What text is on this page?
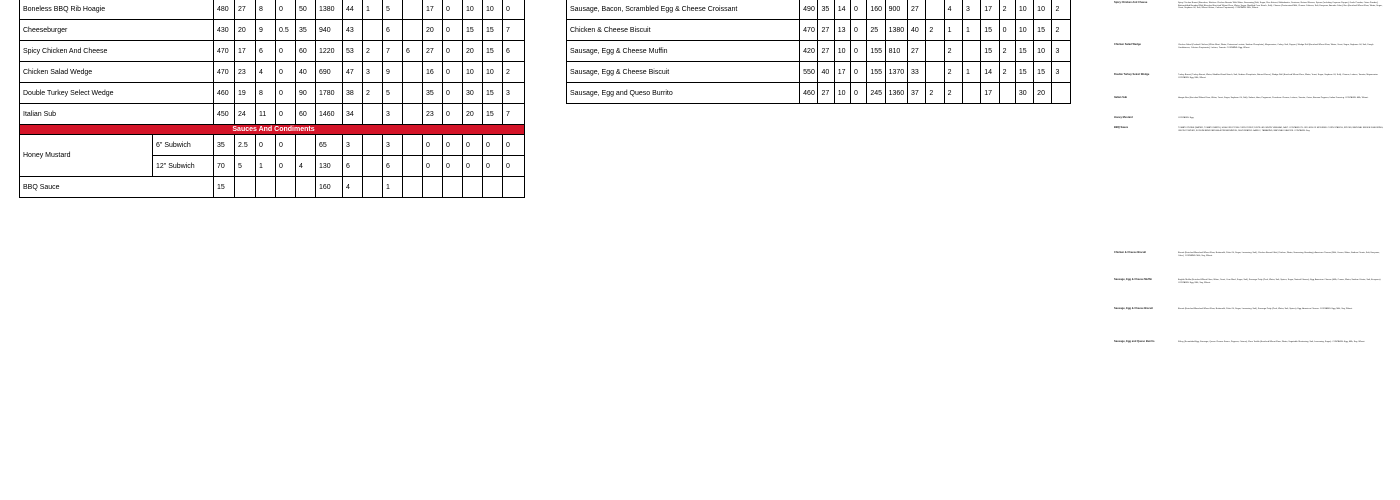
Boneless BBQ Rib Hoagie		480	27	8	0	50	1380	44	1	5		17	0	10	10	0
Cheeseburger		430	20	9	0.5	35	940	43		6		20	0	15	15	7
Spicy Chicken And Cheese		470	17	6	0	60	1220	53	2	7	6	27	0	20	15	6
Chicken Salad Wedge		470	23	4	0	40	690	47	3	9		16	0	10	10	2
Double Turkey Select Wedge		460	19	8	0	90	1780	38	2	5		35	0	30	15	3
Italian Sub		450	24	11	0	60	1460	34		3		23	0	20	15	7
Sauces And Condiments																
Honey Mustard	6" Subwich	35	2.5	0	0		65	3		3		0	0	0	0	0
	12" Subwich	70	5	1	0	4	130	6		6		0	0	0	0	0
BBQ Sauce		15					160	4		1						

Sausage, Bacon, Scrambled Egg & Cheese Croissant	490	35	14	0	160	900	27		4	3	17	2	10	10	2
Chicken & Cheese Biscuit	470	27	13	0	25	1380	40	2	1	1	15	0	10	15	2
Sausage, Egg & Cheese Muffin	420	27	10	0	155	810	27		2		15	2	15	10	3
Sausage, Egg & Cheese Biscuit	550	40	17	0	155	1370	33		2	1	14	2	15	15	3
Sausage, Egg and Queso Burrito	460	27	10	0	245	1360	37	2	2		17		30	20	
Spicy Chicken And Cheese	Spicy Chicken Breast (Boneless, Skinless Chicken Breasts With Water, Seasoning [Salt, Sugar, Rice Extract, Maltodextrin, Dextrose, Natural Flavors, Spices (Including Cayenne Pepper), Garlic Powder, Onion Powder], Battered And Breaded With Bleached Enriched Wheat Flour, Water, Sugar, Modified Corn Starch, Salt), Cheese (Pasteurized Milk, Cheese Cultures, Salt, Enzymes, Annatto Color), Bun (Enriched Wheat Flour, Water, Sugar, Yeast, Soybean Oil, Salt, Wheat Gluten, Calcium Propionate). CONTAINS: Milk, Wheat.
Chicken Salad Wedge	Chicken Salad (Cooked Chicken (White Meat, Water, Potassium Lactate, Sodium Phosphate), Mayonnaise, Celery, Salt, Pepper), Wedge Roll (Enriched Wheat Flour, Water, Yeast, Sugar, Soybean Oil, Salt, Dough Conditioners, Calcium Propionate), Lettuce, Tomato. CONTAINS: Egg, Wheat.
Double Turkey Select Wedge	Turkey Breast (Turkey Breast, Water, Modified Food Starch, Salt, Sodium Phosphate, Natural Flavor), Wedge Roll (Enriched Wheat Flour, Water, Yeast, Sugar, Soybean Oil, Salt), Cheese, Lettuce, Tomato, Mayonnaise. CONTAINS: Egg, Milk, Wheat.
Italian Sub	Hoagie Bun (Enriched Wheat Flour, Water, Yeast, Sugar, Soybean Oil, Salt), Salami, Ham, Pepperoni, Provolone Cheese, Lettuce, Tomato, Onion, Banana Peppers, Italian Dressing. CONTAINS: Milk, Wheat.
Honey Mustard	CONTAINS: Egg.
BBQ Sauce	TOMATO PUREE (WATER, TOMATO PASTE), HIGH FRUCTOSE CORN SYRUP, DISTILLED WHITE VINEGAR, SALT. CONTAINS 2% OR LESS OF MODIFIED CORN STARCH, SPICES, NATURAL SMOKE FLAVORING, ONION POWDER, SODIUM BENZOATE AS A PRESERVATIVE, DEHYDRATED GARLIC, TAMARIND, NATURAL FLAVORS. CONTAINS: Soy.
Chicken & Cheese Biscuit	Biscuit (Enriched Bleached Wheat Flour, Buttermilk, Palm Oil, Sugar, Leavening, Salt), Chicken Breast Fillet (Chicken, Water, Seasoning, Breading), American Cheese (Milk, Cream, Water, Sodium Citrate, Salt, Enzymes, Color). CONTAINS: Milk, Soy, Wheat.
Sausage, Egg & Cheese Muffin	English Muffin (Enriched Wheat Flour, Water, Yeast, Corn Meal, Sugar, Salt), Sausage Patty (Pork, Water, Salt, Spices, Sugar, Natural Flavors), Egg, American Cheese (Milk, Cream, Water, Sodium Citrate, Salt, Enzymes). CONTAINS: Egg, Milk, Soy, Wheat.
Sausage, Egg & Cheese Biscuit	Biscuit (Enriched Bleached Wheat Flour, Buttermilk, Palm Oil, Sugar, Leavening, Salt), Sausage Patty (Pork, Water, Salt, Spices), Egg, American Cheese. CONTAINS: Egg, Milk, Soy, Wheat.
Sausage, Egg and Queso Burrito	Filling (Scrambled Egg, Sausage, Queso Cheese Sauce, Peppers, Onions), Flour Tortilla (Enriched Wheat Flour, Water, Vegetable Shortening, Salt, Leavening, Sugar). CONTAINS: Egg, Milk, Soy, Wheat.
